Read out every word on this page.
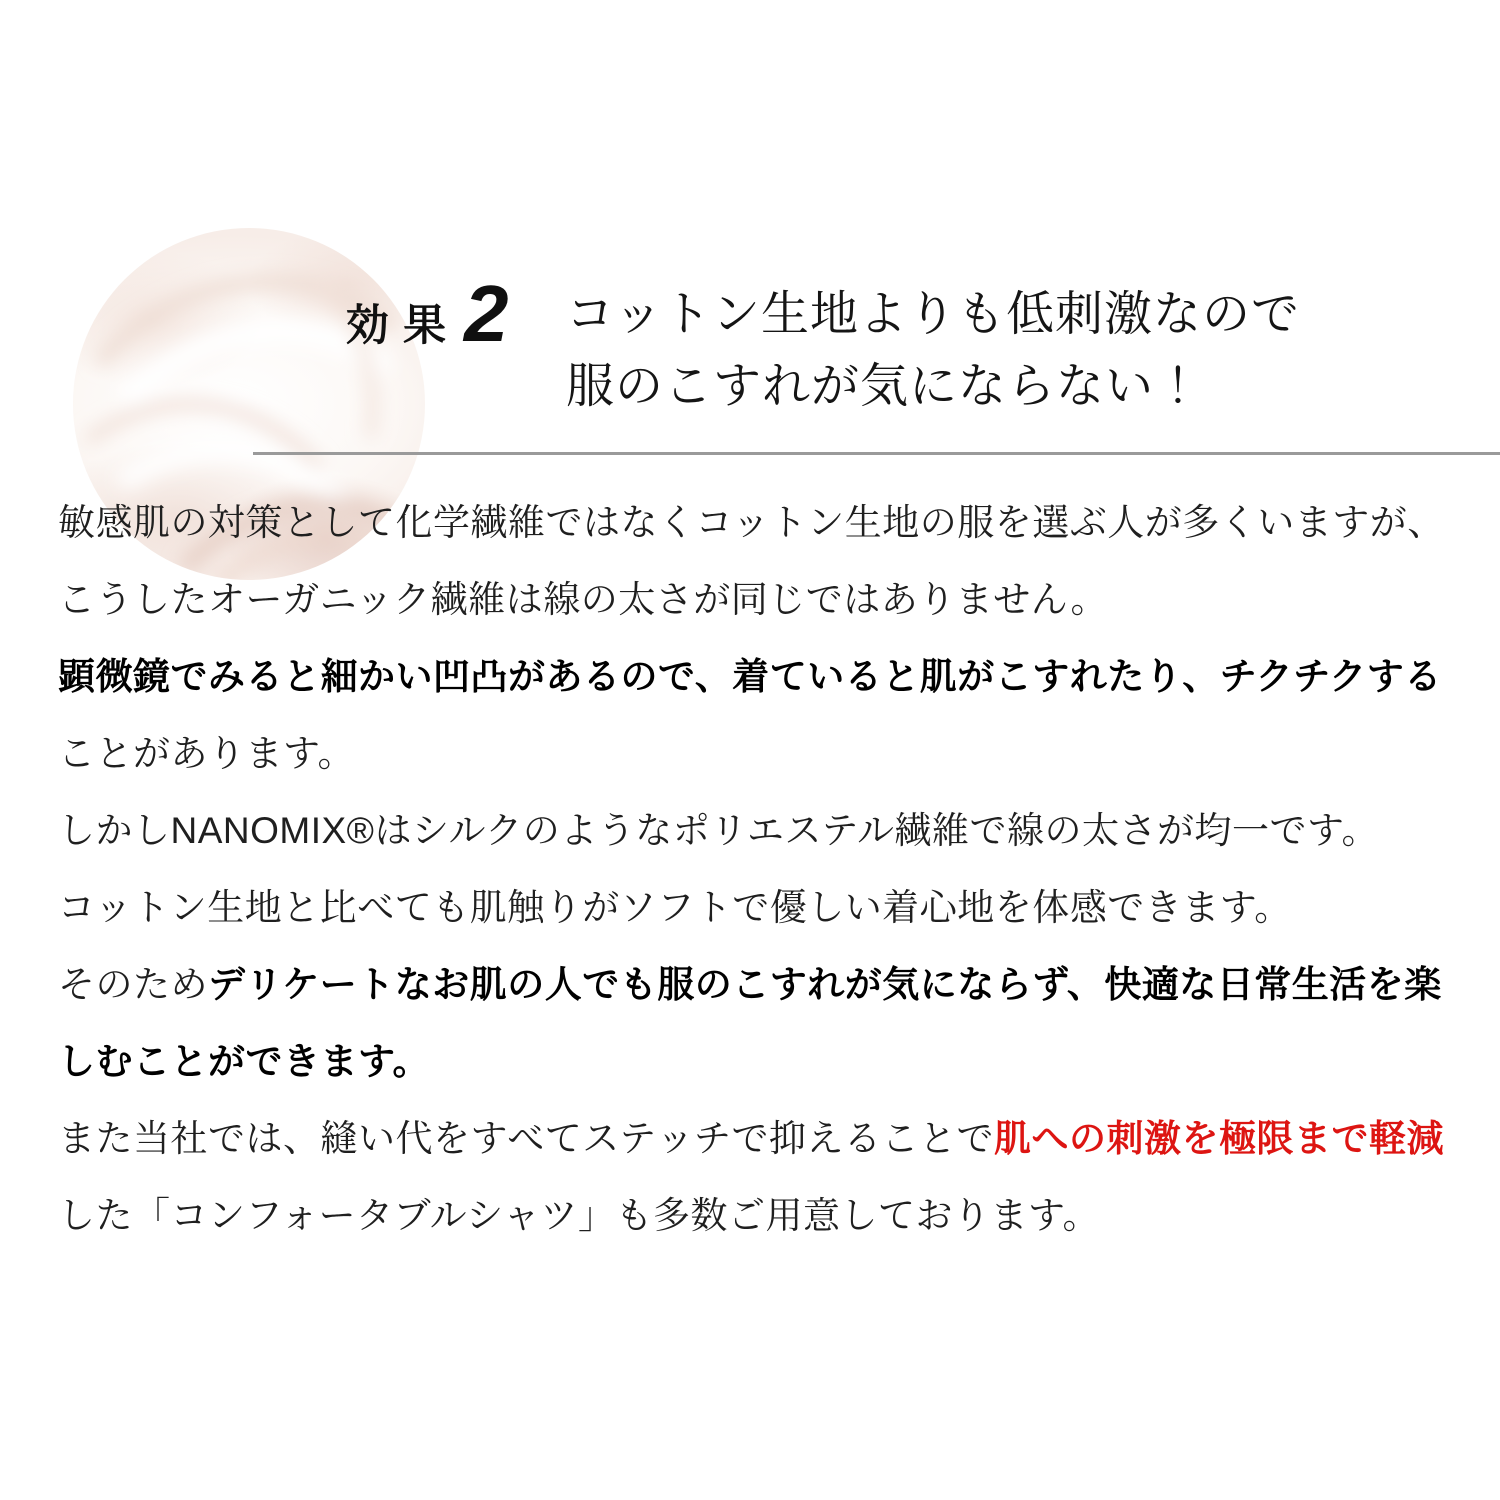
効果 2 コットン生地よりも低刺激なので
服のこすれが気にならない！
敏感肌の対策として化学繊維ではなくコットン生地の服を選ぶ人が多くいますが、
こうしたオーガニック繊維は線の太さが同じではありません。
顕微鏡でみると細かい凹凸があるので、着ていると肌がこすれたり、チクチクする
ことがあります。
しかしNANOMIX®はシルクのようなポリエステル繊維で線の太さが均一です。
コットン生地と比べても肌触りがソフトで優しい着心地を体感できます。
そのためデリケートなお肌の人でも服のこすれが気にならず、快適な日常生活を楽
しむことができます。
また当社では、縫い代をすべてステッチで抑えることで肌への刺激を極限まで軽減
した「コンフォータブルシャツ」も多数ご用意しております。
